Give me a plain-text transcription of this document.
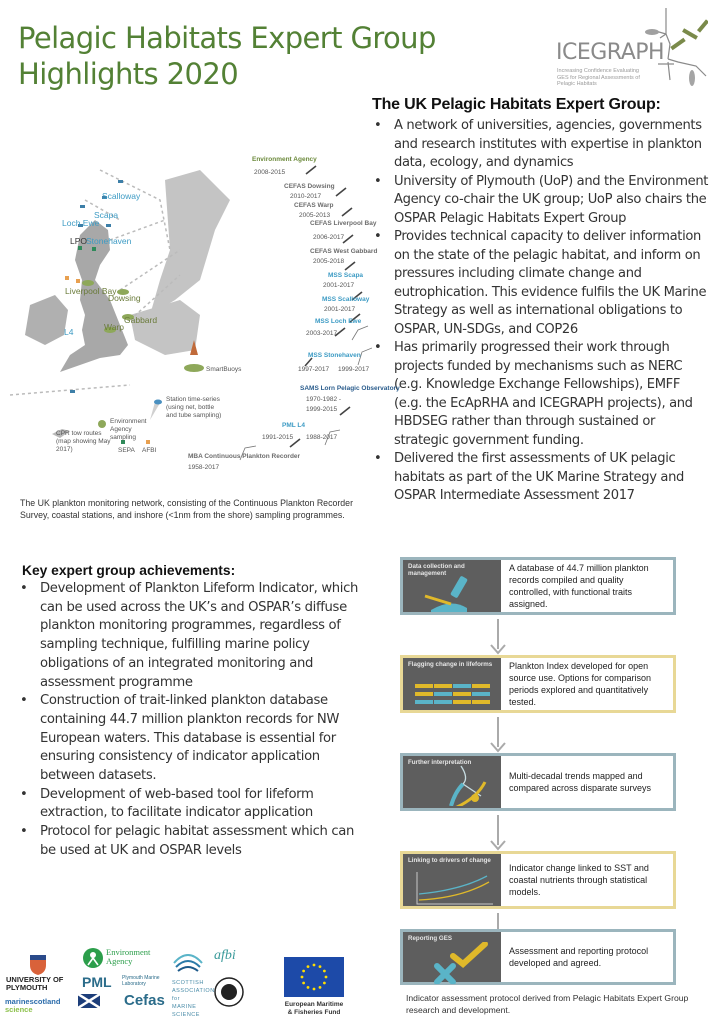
Pelagic Habitats Expert Group Highlights 2020
ICEGRAPH
Increasing Confidence Evaluating GES for Regional Assessments of Pelagic Habitats
The UK Pelagic Habitats Expert Group:
• A network of universities, agencies, governments and research institutes with expertise in plankton data, ecology, and dynamics
• University of Plymouth (UoP) and the Environment Agency co-chair the UK group; UoP also chairs the OSPAR Pelagic Habitats Expert Group
• Provides technical capacity to deliver information on the state of the pelagic habitat, and inform on pressures including climate change and eutrophication. This evidence fulfils the UK Marine Strategy as well as international obligations to OSPAR, UN-SDGs, and COP26
• Has primarily progressed their work through projects funded by mechanisms such as NERC (e.g. Knowledge Exchange Fellowships), EMFF (e.g. the EcApRHA and ICEGRAPH projects), and HBDSEG rather than through sustained or strategic government funding.
• Delivered the first assessments of UK pelagic habitats as part of the UK Marine Strategy and OSPAR Intermediate Assessment 2017
Scalloway
Scapa
Loch Ewe
LPO
Stonehaven
Liverpool Bay
Dowsing
Gabbard
Warp
L4
Environment Agency
2008-2015
CEFAS Dowsing
2010-2017
CEFAS Warp
2005-2013
CEFAS Liverpool Bay
2006-2017
CEFAS West Gabbard
2005-2018
MSS Scapa
2001-2017
MSS Scalloway
2001-2017
MSS Loch Ewe
2003-2017
MSS Stonehaven
1997-2017 1999-2017
SAMS Lorn Pelagic Observatory
1970-1982 -
1999-2015
PML L4
1991-2015 1988-2017
MBA Continuous Plankton Recorder
1958-2017
SmartBuoys
Station time-series (using net, bottle and tube sampling)
Environment Agency sampling
CPR tow routes (map showing May 2017)	SEPA AFBI
The UK plankton monitoring network, consisting of the Continuous Plankton Recorder Survey, coastal stations, and inshore (<1nm from the shore) sampling programmes.
Key expert group achievements:
• Development of Plankton Lifeform Indicator, which can be used across the UK’s and OSPAR’s diffuse plankton monitoring programmes, regardless of sampling technique, fulfilling marine policy obligations of an integrated monitoring and assessment programme
• Construction of trait-linked plankton database containing 44.7 million plankton records for NW European waters. This database is essential for ensuring consistency of indicator application between datasets.
• Development of web-based tool for lifeform extraction, to facilitate indicator application
• Protocol for pelagic habitat assessment which can be used at UK and OSPAR levels
Data collection and management
A database of 44.7 million plankton records compiled and quality controlled, with functional traits assigned.
Flagging change in lifeforms	Plankton Index developed for open source use. Options for comparison periods explored and quantitatively tested.
Further interpretation
Multi-decadal trends mapped and compared across disparate surveys
Linking to drivers of change
Indicator change linked to SST and coastal nutrients through statistical models.
Reporting GES
Assessment and reporting protocol developed and agreed.
Indicator assessment protocol derived from Pelagic Habitats Expert Group research and development.
UNIVERSITY OF PLYMOUTH
marinescotland
science
Environment Agency
PML Plymouth Marine Laboratory
Cefas
SCOTTISH ASSOCIATION for MARINE SCIENCE
afbi
European Maritime & Fisheries Fund
